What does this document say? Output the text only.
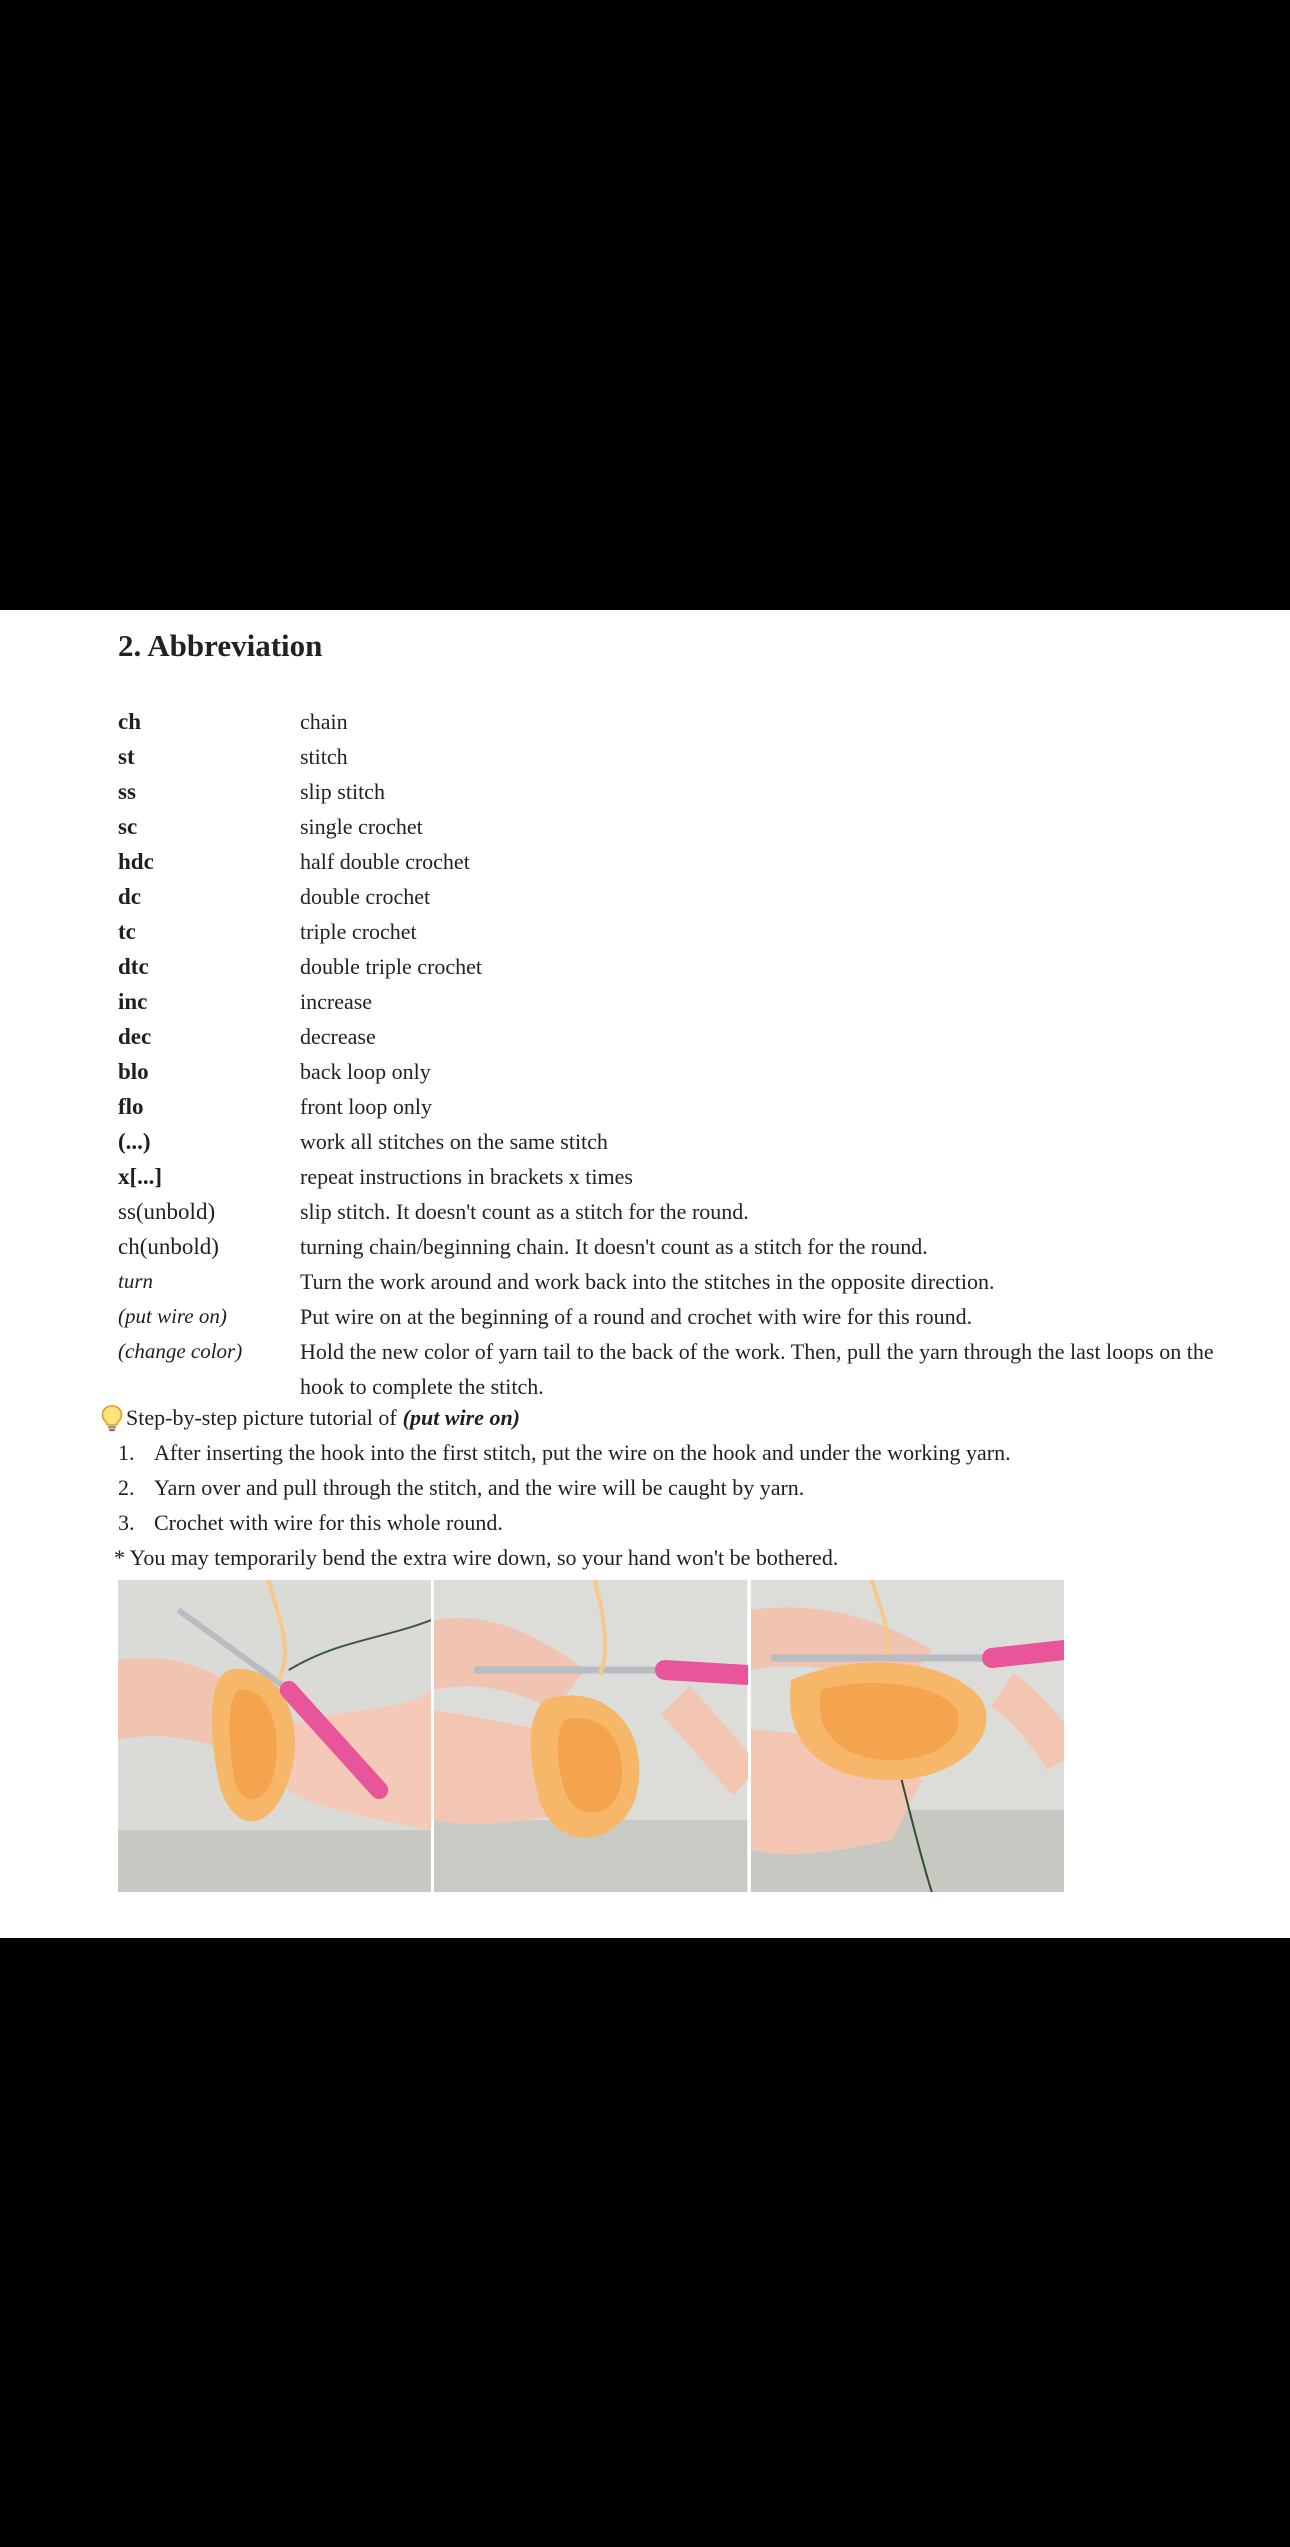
2. Abbreviation
ch	chain
st	stitch
ss	slip stitch
sc	single crochet
hdc	half double crochet
dc	double crochet
tc	triple crochet
dtc	double triple crochet
inc	increase
dec	decrease
blo	back loop only
flo	front loop only
(...)	work all stitches on the same stitch
x[...]	repeat instructions in brackets x times
ss(unbold)	slip stitch. It doesn't count as a stitch for the round.
ch(unbold)	turning chain/beginning chain. It doesn't count as a stitch for the round.
turn	Turn the work around and work back into the stitches in the opposite direction.
(put wire on)	Put wire on at the beginning of a round and crochet with wire for this round.
(change color)	Hold the new color of yarn tail to the back of the work. Then, pull the yarn through the last loops on the hook to complete the stitch.
Step-by-step picture tutorial of (put wire on)
1. After inserting the hook into the first stitch, put the wire on the hook and under the working yarn.
2. Yarn over and pull through the stitch, and the wire will be caught by yarn.
3. Crochet with wire for this whole round.
* You may temporarily bend the extra wire down, so your hand won't be bothered.
